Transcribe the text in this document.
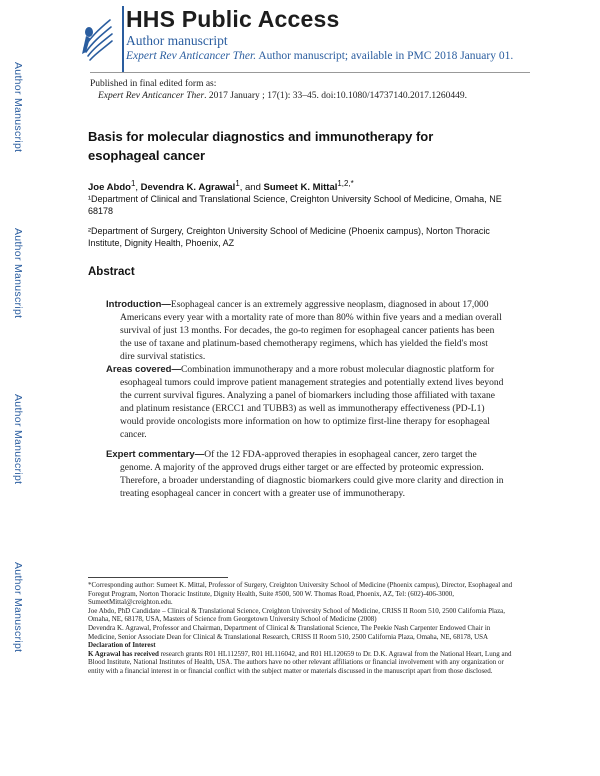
HHS Public Access
Author manuscript
Expert Rev Anticancer Ther. Author manuscript; available in PMC 2018 January 01.
Author Manuscript
Author Manuscript
Author Manuscript
Author Manuscript
Published in final edited form as:
Expert Rev Anticancer Ther. 2017 January ; 17(1): 33–45. doi:10.1080/14737140.2017.1260449.
Basis for molecular diagnostics and immunotherapy for esophageal cancer
Joe Abdo$^1$, Devendra K. Agrawal$^1$, and Sumeet K. Mittal$^{1,2,*}$
¹Department of Clinical and Translational Science, Creighton University School of Medicine, Omaha, NE 68178
²Department of Surgery, Creighton University School of Medicine (Phoenix campus), Norton Thoracic Institute, Dignity Health, Phoenix, AZ
Abstract
Introduction—Esophageal cancer is an extremely aggressive neoplasm, diagnosed in about 17,000 Americans every year with a mortality rate of more than 80% within five years and a median overall survival of just 13 months. For decades, the go-to regimen for esophageal cancer patients has been the use of taxane and platinum-based chemotherapy regimens, which has yielded the field's most dire survival statistics.
Areas covered—Combination immunotherapy and a more robust molecular diagnostic platform for esophageal tumors could improve patient management strategies and potentially extend lives beyond the current survival figures. Analyzing a panel of biomarkers including those affiliated with taxane and platinum resistance (ERCC1 and TUBB3) as well as immunotherapy effectiveness (PD-L1) would provide oncologists more information on how to optimize first-line therapy for esophageal cancer.
Expert commentary—Of the 12 FDA-approved therapies in esophageal cancer, zero target the genome. A majority of the approved drugs either target or are effected by proteomic expression. Therefore, a broader understanding of diagnostic biomarkers could give more clarity and direction in treating esophageal cancer in concert with a greater use of immunotherapy.

*Corresponding author: Sumeet K. Mittal, Professor of Surgery, Creighton University School of Medicine (Phoenix campus), Director, Esophageal and Foregut Program, Norton Thoracic Institute, Dignity Health, Suite #500, 500 W. Thomas Road, Phoenix, AZ, Tel: (602)-406-3000, SumeetMittal@creighton.edu.

Joe Abdo, PhD Candidate – Clinical & Translational Science, Creighton University School of Medicine, CRISS II Room 510, 2500 California Plaza, Omaha, NE, 68178, USA, Masters of Science from Georgetown University School of Medicine (2008)

Devendra K. Agrawal, Professor and Chairman, Department of Clinical & Translational Science, The Peekie Nash Carpenter Endowed Chair in Medicine, Senior Associate Dean for Clinical & Translational Research, CRISS II Room 510, 2500 California Plaza, Omaha, NE, 68178, USA

Declaration of Interest

K Agrawal has received research grants R01 HL112597, R01 HL116042, and R01 HL120659 to Dr. D.K. Agrawal from the National Heart, Lung and Blood Institute, National Institutes of Health, USA. The authors have no other relevant affiliations or financial involvement with any organization or entity with a financial interest in or financial conflict with the subject matter or materials discussed in the manuscript apart from those disclosed.
